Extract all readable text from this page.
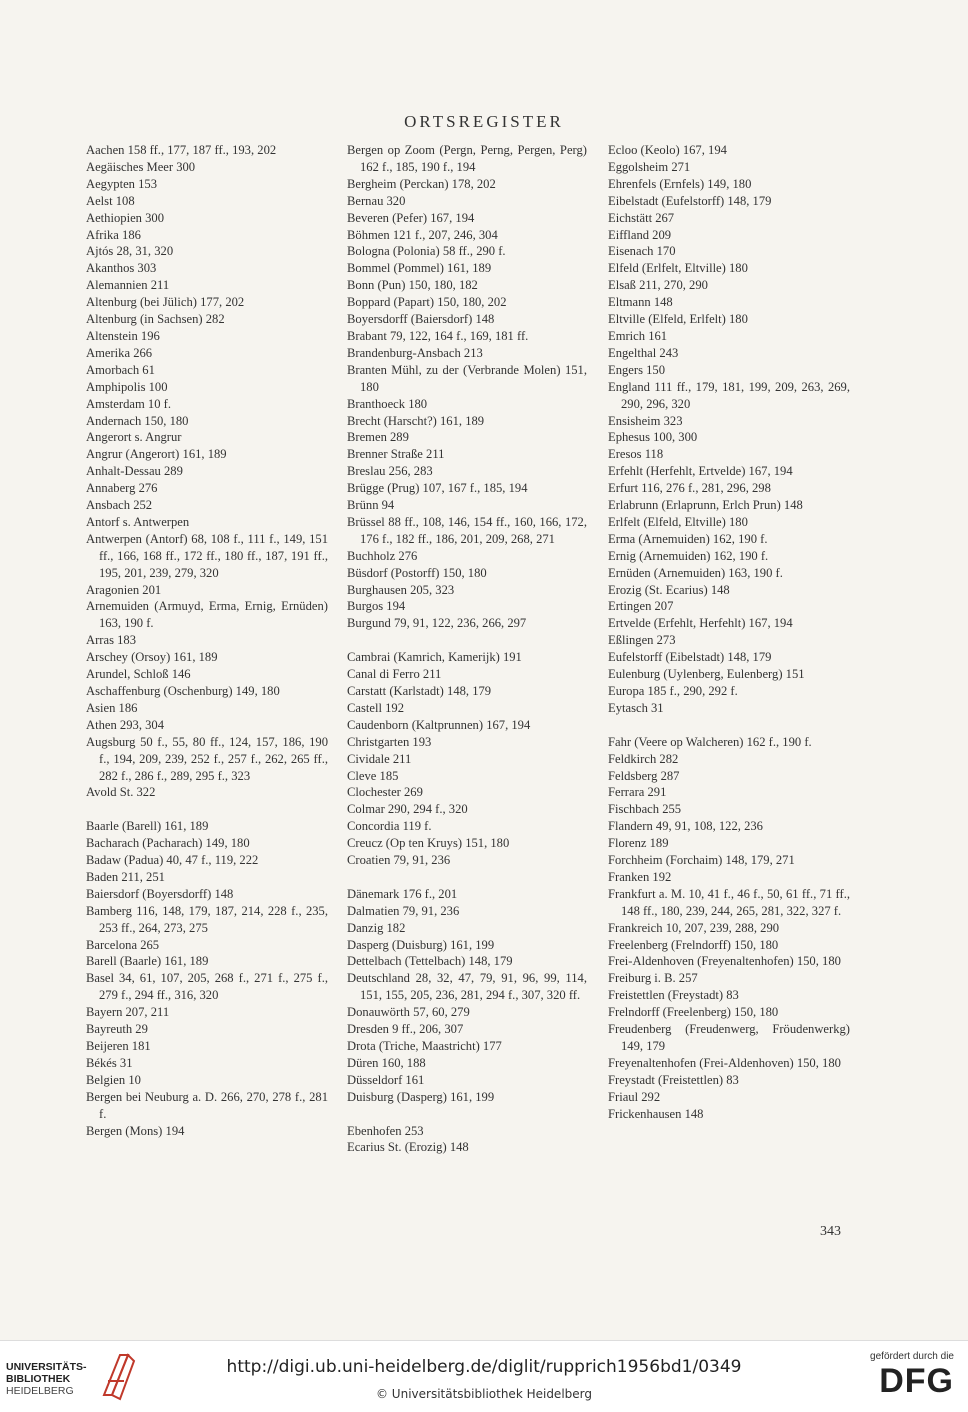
ORTSREGISTER
Aachen 158 ff., 177, 187 ff., 193, 202
Aegäisches Meer 300
Aegypten 153
Aelst 108
Aethiopien 300
Afrika 186
Ajtós 28, 31, 320
Akanthos 303
Alemannien 211
Altenburg (bei Jülich) 177, 202
Altenburg (in Sachsen) 282
Altenstein 196
Amerika 266
Amorbach 61
Amphipolis 100
Amsterdam 10 f.
Andernach 150, 180
Angerort s. Angrur
Angrur (Angerort) 161, 189
Anhalt-Dessau 289
Annaberg 276
Ansbach 252
Antorf s. Antwerpen
Antwerpen (Antorf) 68, 108 f., 111 f., 149, 151 ff., 166, 168 ff., 172 ff., 180 ff., 187, 191 ff., 195, 201, 239, 279, 320
Aragonien 201
Arnemuiden (Armuyd, Erma, Ernig, Ernüden) 163, 190 f.
Arras 183
Arschey (Orsoy) 161, 189
Arundel, Schloß 146
Aschaffenburg (Oschenburg) 149, 180
Asien 186
Athen 293, 304
Augsburg 50 f., 55, 80 ff., 124, 157, 186, 190 f., 194, 209, 239, 252 f., 257 f., 262, 265 ff., 282 f., 286 f., 289, 295 f., 323
Avold St. 322
Baarle (Barell) 161, 189
Bacharach (Pacharach) 149, 180
Badaw (Padua) 40, 47 f., 119, 222
Baden 211, 251
Baiersdorf (Boyersdorff) 148
Bamberg 116, 148, 179, 187, 214, 228 f., 235, 253 ff., 264, 273, 275
Barcelona 265
Barell (Baarle) 161, 189
Basel 34, 61, 107, 205, 268 f., 271 f., 275 f., 279 f., 294 ff., 316, 320
Bayern 207, 211
Bayreuth 29
Beijeren 181
Békés 31
Belgien 10
Bergen bei Neuburg a. D. 266, 270, 278 f., 281 f.
Bergen (Mons) 194
Bergen op Zoom (Pergn, Perng, Pergen, Perg) 162 f., 185, 190 f., 194
Bergheim (Perckan) 178, 202
Bernau 320
Beveren (Pefer) 167, 194
Böhmen 121 f., 207, 246, 304
Bologna (Polonia) 58 ff., 290 f.
Bommel (Pommel) 161, 189
Bonn (Pun) 150, 180, 182
Boppard (Papart) 150, 180, 202
Boyersdorff (Baiersdorf) 148
Brabant 79, 122, 164 f., 169, 181 ff.
Brandenburg-Ansbach 213
Branten Mühl, zu der (Verbrande Molen) 151, 180
Branthoeck 180
Brecht (Harscht?) 161, 189
Bremen 289
Brenner Straße 211
Breslau 256, 283
Brügge (Prug) 107, 167 f., 185, 194
Brünn 94
Brüssel 88 ff., 108, 146, 154 ff., 160, 166, 172, 176 f., 182 ff., 186, 201, 209, 268, 271
Buchholz 276
Büsdorf (Postorff) 150, 180
Burghausen 205, 323
Burgos 194
Burgund 79, 91, 122, 236, 266, 297
Cambrai (Kamrich, Kamerijk) 191
Canal di Ferro 211
Carstatt (Karlstadt) 148, 179
Castell 192
Caudenborn (Kaltprunnen) 167, 194
Christgarten 193
Cividale 211
Cleve 185
Clochester 269
Colmar 290, 294 f., 320
Concordia 119 f.
Creucz (Op ten Kruys) 151, 180
Croatien 79, 91, 236
Dänemark 176 f., 201
Dalmatien 79, 91, 236
Danzig 182
Dasperg (Duisburg) 161, 199
Dettelbach (Tettelbach) 148, 179
Deutschland 28, 32, 47, 79, 91, 96, 99, 114, 151, 155, 205, 236, 281, 294 f., 307, 320 ff.
Donauwörth 57, 60, 279
Dresden 9 ff., 206, 307
Drota (Triche, Maastricht) 177
Düren 160, 188
Düsseldorf 161
Duisburg (Dasperg) 161, 199
Ebenhofen 253
Ecarius St. (Erozig) 148
Ecloo (Keolo) 167, 194
Eggolsheim 271
Ehrenfels (Ernfels) 149, 180
Eibelstadt (Eufelstorff) 148, 179
Eichstätt 267
Eiffland 209
Eisenach 170
Elfeld (Erlfelt, Eltville) 180
Elsaß 211, 270, 290
Eltmann 148
Eltville (Elfeld, Erlfelt) 180
Emrich 161
Engelthal 243
Engers 150
England 111 ff., 179, 181, 199, 209, 263, 269, 290, 296, 320
Ensisheim 323
Ephesus 100, 300
Eresos 118
Erfehlt (Herfehlt, Ertvelde) 167, 194
Erfurt 116, 276 f., 281, 296, 298
Erlabrunn (Erlaprunn, Erlch Prun) 148
Erlfelt (Elfeld, Eltville) 180
Erma (Arnemuiden) 162, 190 f.
Ernig (Arnemuiden) 162, 190 f.
Ernüden (Arnemuiden) 163, 190 f.
Erozig (St. Ecarius) 148
Ertingen 207
Ertvelde (Erfehlt, Herfehlt) 167, 194
Eßlingen 273
Eufelstorff (Eibelstadt) 148, 179
Eulenburg (Uylenberg, Eulenberg) 151
Europa 185 f., 290, 292 f.
Eytasch 31
Fahr (Veere op Walcheren) 162 f., 190 f.
Feldkirch 282
Feldsberg 287
Ferrara 291
Fischbach 255
Flandern 49, 91, 108, 122, 236
Florenz 189
Forchheim (Forchaim) 148, 179, 271
Franken 192
Frankfurt a. M. 10, 41 f., 46 f., 50, 61 ff., 71 ff., 148 ff., 180, 239, 244, 265, 281, 322, 327 f.
Frankreich 10, 207, 239, 288, 290
Freelenberg (Frelndorff) 150, 180
Frei-Aldenhoven (Freyenaltenhofen) 150, 180
Freiburg i. B. 257
Freistettlen (Freystadt) 83
Frelndorff (Freelenberg) 150, 180
Freudenberg (Freudenwerg, Fröudenwerkg) 149, 179
Freyenaltenhofen (Frei-Aldenhoven) 150, 180
Freystadt (Freistettlen) 83
Friaul 292
Frickenhausen 148
343
UNIVERSITÄTS-
BIBLIOTHEK
HEIDELBERG
http://digi.ub.uni-heidelberg.de/diglit/rupprich1956bd1/0349
© Universitätsbibliothek Heidelberg
gefördert durch die
DFG
